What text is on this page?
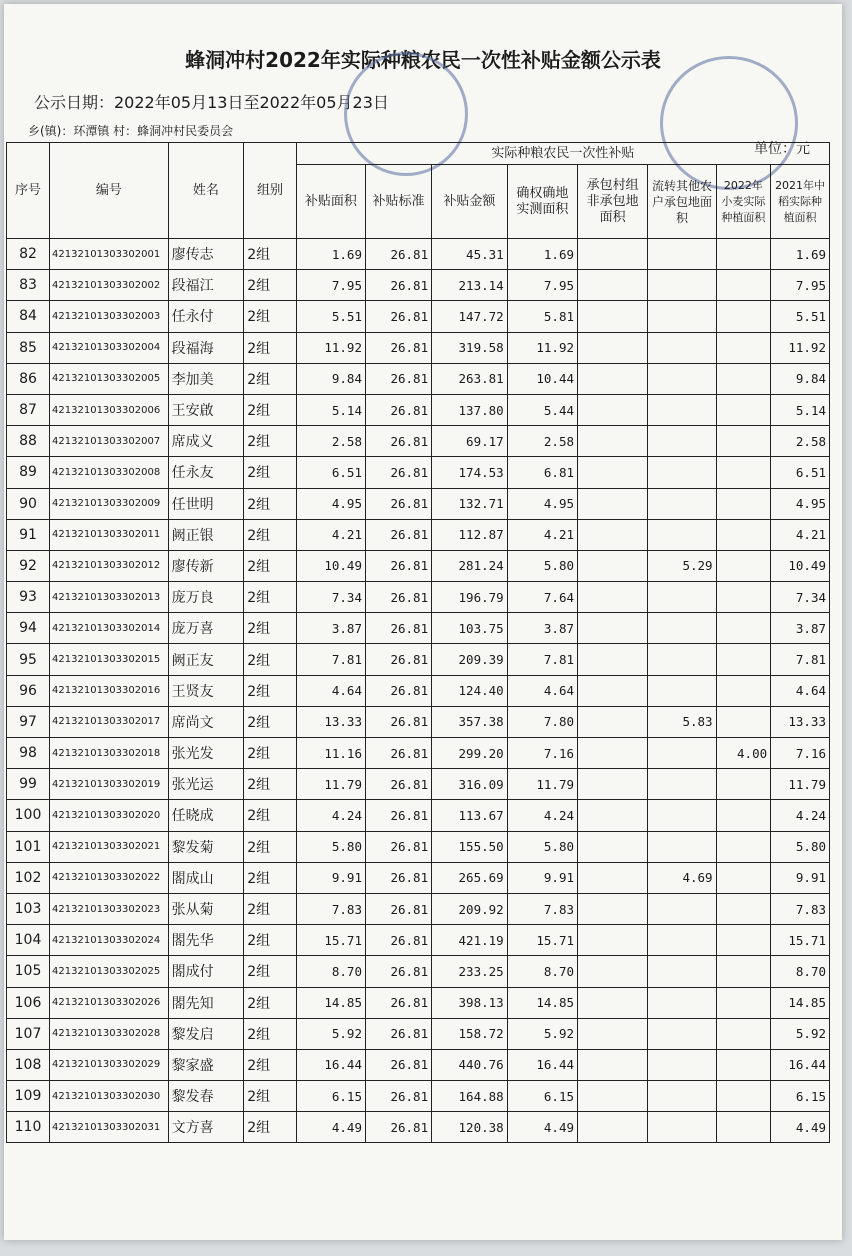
蜂洞冲村2022年实际种粮农民一次性补贴金额公示表
公示日期：2022年05月13日至2022年05月23日
乡(镇)：环潭镇 村：蜂洞冲村民委员会
单位：元
序号	编号	姓名	组别	实际种粮农民一次性补贴							
				补贴面积	补贴标准	补贴金额	确权确地实测面积	承包村组非承包地面积	流转其他农户承包地面积	2022年小麦实际种植面积	2021年中稻实际种植面积
82	42132101303302001	廖传志	2组	1.69	26.81	45.31	1.69				1.69
83	42132101303302002	段福江	2组	7.95	26.81	213.14	7.95				7.95
84	42132101303302003	任永付	2组	5.51	26.81	147.72	5.81				5.51
85	42132101303302004	段福海	2组	11.92	26.81	319.58	11.92				11.92
86	42132101303302005	李加美	2组	9.84	26.81	263.81	10.44				9.84
87	42132101303302006	王安啟	2组	5.14	26.81	137.80	5.44				5.14
88	42132101303302007	席成义	2组	2.58	26.81	69.17	2.58				2.58
89	42132101303302008	任永友	2组	6.51	26.81	174.53	6.81				6.51
90	42132101303302009	任世明	2组	4.95	26.81	132.71	4.95				4.95
91	42132101303302011	阙正银	2组	4.21	26.81	112.87	4.21				4.21
92	42132101303302012	廖传新	2组	10.49	26.81	281.24	5.80		5.29		10.49
93	42132101303302013	庞万良	2组	7.34	26.81	196.79	7.64				7.34
94	42132101303302014	庞万喜	2组	3.87	26.81	103.75	3.87				3.87
95	42132101303302015	阙正友	2组	7.81	26.81	209.39	7.81				7.81
96	42132101303302016	王贤友	2组	4.64	26.81	124.40	4.64				4.64
97	42132101303302017	席尚文	2组	13.33	26.81	357.38	7.80		5.83		13.33
98	42132101303302018	张光发	2组	11.16	26.81	299.20	7.16			4.00	7.16
99	42132101303302019	张光运	2组	11.79	26.81	316.09	11.79				11.79
100	42132101303302020	任晓成	2组	4.24	26.81	113.67	4.24				4.24
101	42132101303302021	黎发菊	2组	5.80	26.81	155.50	5.80				5.80
102	42132101303302022	閤成山	2组	9.91	26.81	265.69	9.91		4.69		9.91
103	42132101303302023	张从菊	2组	7.83	26.81	209.92	7.83				7.83
104	42132101303302024	閤先华	2组	15.71	26.81	421.19	15.71				15.71
105	42132101303302025	閤成付	2组	8.70	26.81	233.25	8.70				8.70
106	42132101303302026	閤先知	2组	14.85	26.81	398.13	14.85				14.85
107	42132101303302028	黎发启	2组	5.92	26.81	158.72	5.92				5.92
108	42132101303302029	黎家盛	2组	16.44	26.81	440.76	16.44				16.44
109	42132101303302030	黎发春	2组	6.15	26.81	164.88	6.15				6.15
110	42132101303302031	文方喜	2组	4.49	26.81	120.38	4.49				4.49
